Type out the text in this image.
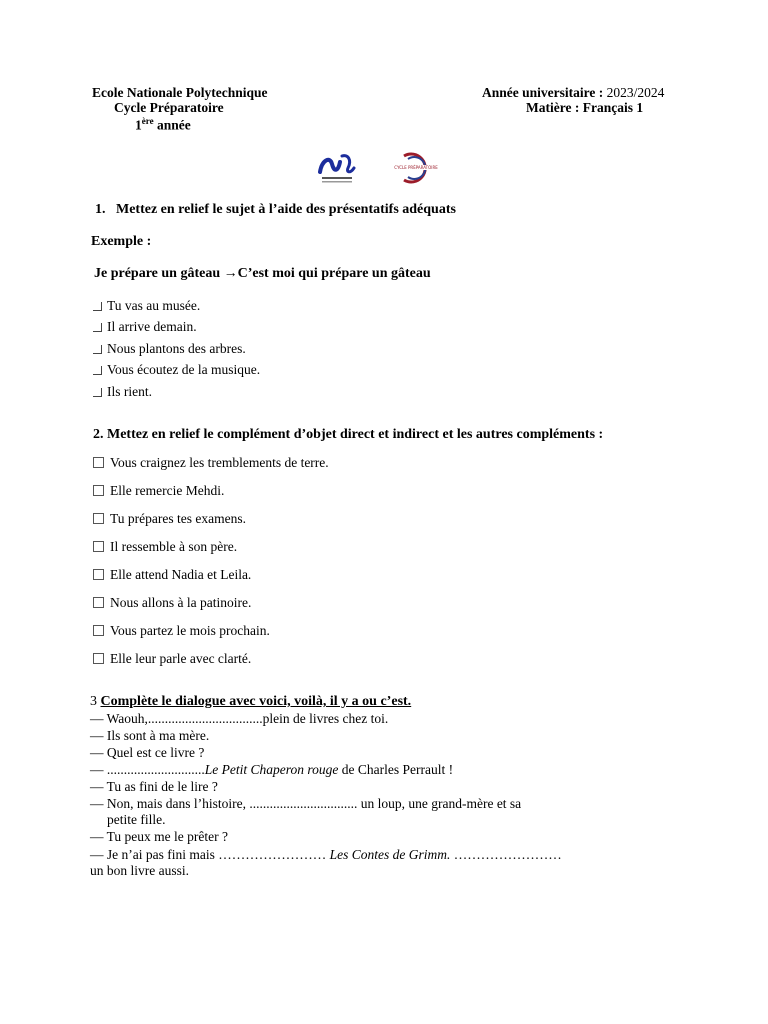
Ecole Nationale Polytechnique
Cycle Préparatoire
1ère année
Année universitaire : 2023/2024
Matière : Français 1
CYCLE PRÉPARATOIRE
1.   Mettez en relief le sujet à l’aide des présentatifs adéquats
Exemple :
Je prépare un gâteau →C’est moi qui prépare un gâteau
Tu vas au musée.
Il arrive demain.
Nous plantons des arbres.
Vous écoutez de la musique.
Ils rient.
2. Mettez en relief le complément d’objet direct et indirect et les autres compléments :
Vous craignez les tremblements de terre.
Elle remercie Mehdi.
Tu prépares tes examens.
Il ressemble à son père.
Elle attend Nadia et Leila.
Nous allons à la patinoire.
Vous partez le mois prochain.
Elle leur parle avec clarté.
3 Complète le dialogue avec voici, voilà, il y a ou c’est.
— Waouh,..................................plein de livres chez toi.
— Ils sont à ma mère.
— Quel est ce livre ?
— .............................Le Petit Chaperon rouge de Charles Perrault !
— Tu as fini de le lire ?
— Non, mais dans l’histoire, ................................ un loup, une grand-mère et sa
petite fille.
— Tu peux me le prêter ?
— Je n’ai pas fini mais …………………… Les Contes de Grimm. ……………………
un bon livre aussi.
